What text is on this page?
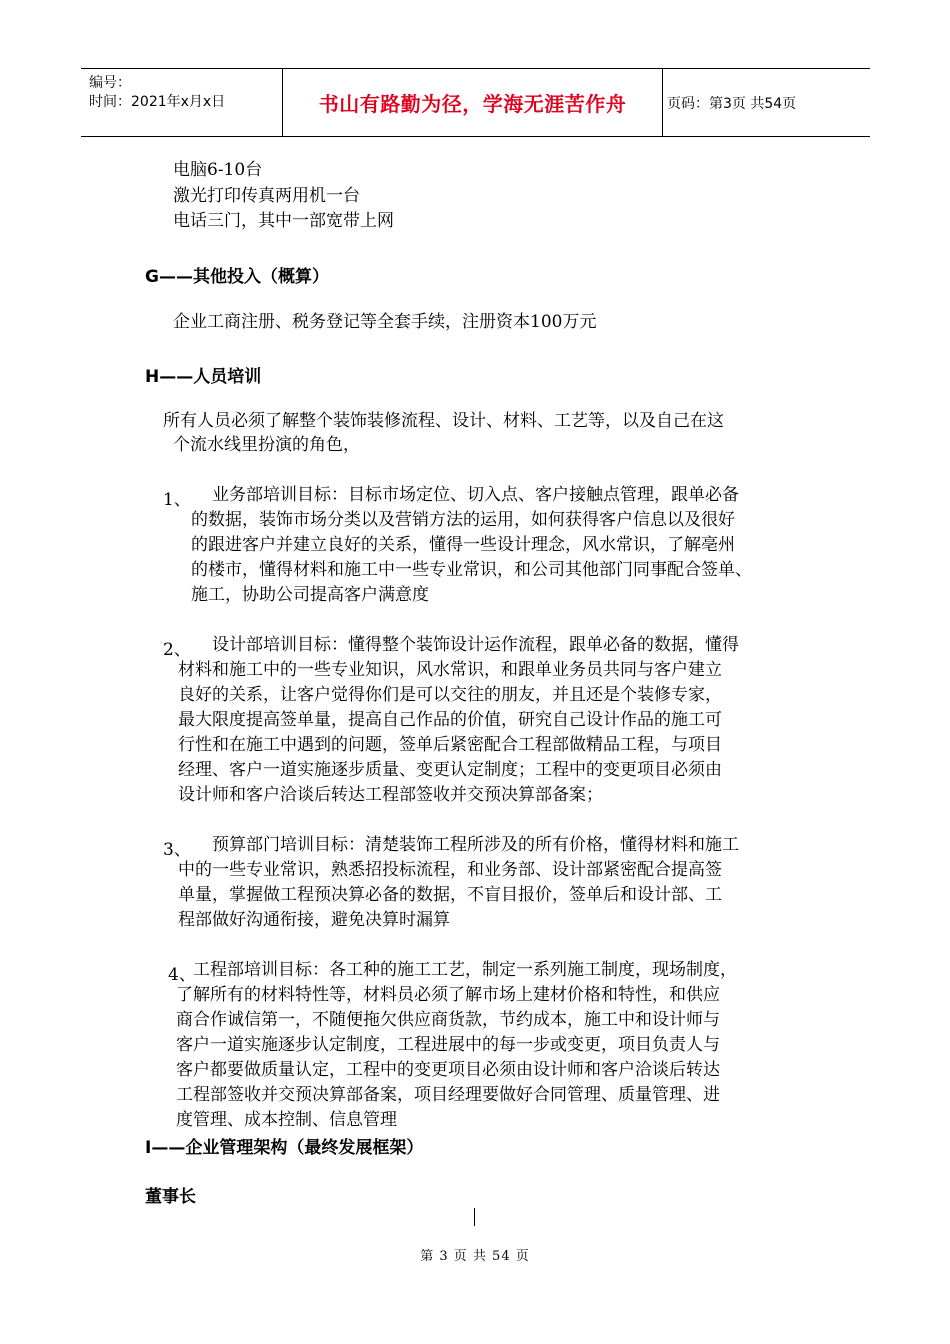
编号：
时间：2021年x月x日	书山有路勤为径，学海无涯苦作舟	页码：第3页 共54页
电脑6-10台
激光打印传真两用机一台
电话三门，其中一部宽带上网
G——其他投入（概算）
企业工商注册、税务登记等全套手续，注册资本100万元
H——人员培训
所有人员必须了解整个装饰装修流程、设计、材料、工艺等，以及自己在这
个流水线里扮演的角色，
1、 业务部培训目标：目标市场定位、切入点、客户接触点管理，跟单必备
的数据，装饰市场分类以及营销方法的运用，如何获得客户信息以及很好
的跟进客户并建立良好的关系，懂得一些设计理念，风水常识，了解亳州
的楼市，懂得材料和施工中一些专业常识，和公司其他部门同事配合签单、
施工，协助公司提高客户满意度
2、 设计部培训目标：懂得整个装饰设计运作流程，跟单必备的数据，懂得
材料和施工中的一些专业知识，风水常识，和跟单业务员共同与客户建立
良好的关系，让客户觉得你们是可以交往的朋友，并且还是个装修专家，
最大限度提高签单量，提高自己作品的价值，研究自己设计作品的施工可
行性和在施工中遇到的问题，签单后紧密配合工程部做精品工程，与项目
经理、客户一道实施逐步质量、变更认定制度；工程中的变更项目必须由
设计师和客户洽谈后转达工程部签收并交预决算部备案；
3、 预算部门培训目标：清楚装饰工程所涉及的所有价格，懂得材料和施工
中的一些专业常识，熟悉招投标流程，和业务部、设计部紧密配合提高签
单量，掌握做工程预决算必备的数据，不盲目报价，签单后和设计部、工
程部做好沟通衔接，避免决算时漏算
4、
工程部培训目标：各工种的施工工艺，制定一系列施工制度，现场制度，
了解所有的材料特性等，材料员必须了解市场上建材价格和特性，和供应
商合作诚信第一，不随便拖欠供应商货款，节约成本，施工中和设计师与
客户一道实施逐步认定制度，工程进展中的每一步或变更，项目负责人与
客户都要做质量认定，工程中的变更项目必须由设计师和客户洽谈后转达
工程部签收并交预决算部备案，项目经理要做好合同管理、质量管理、进
度管理、成本控制、信息管理
I——企业管理架构（最终发展框架）
董事长
第 3 页 共 54 页
